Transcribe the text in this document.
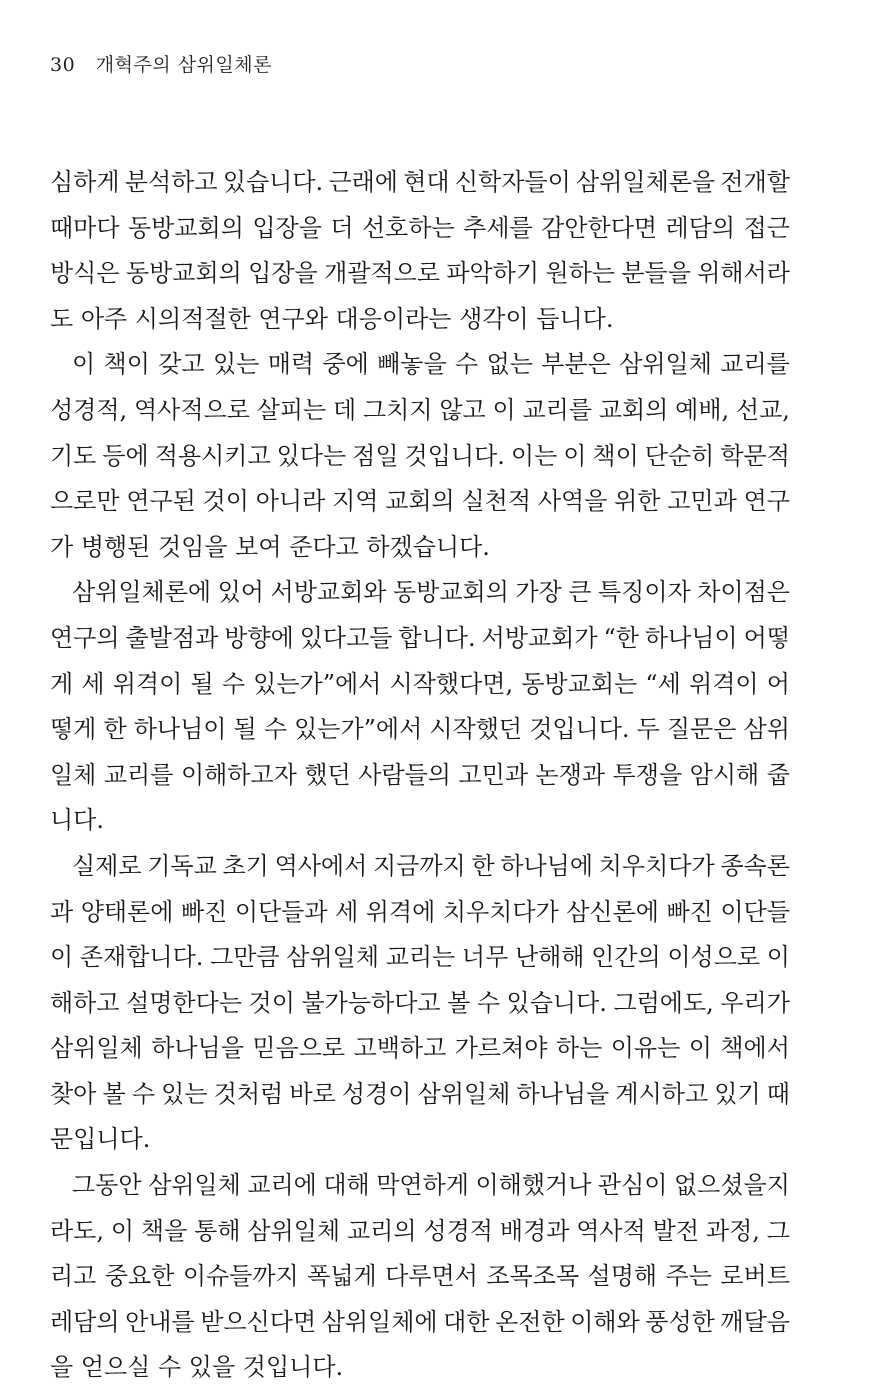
30 개혁주의 삼위일체론
심하게 분석하고 있습니다. 근래에 현대 신학자들이 삼위일체론을 전개할
때마다 동방교회의 입장을 더 선호하는 추세를 감안한다면 레담의 접근
방식은 동방교회의 입장을 개괄적으로 파악하기 원하는 분들을 위해서라
도 아주 시의적절한 연구와 대응이라는 생각이 듭니다.
이 책이 갖고 있는 매력 중에 빼놓을 수 없는 부분은 삼위일체 교리를
성경적, 역사적으로 살피는 데 그치지 않고 이 교리를 교회의 예배, 선교,
기도 등에 적용시키고 있다는 점일 것입니다. 이는 이 책이 단순히 학문적
으로만 연구된 것이 아니라 지역 교회의 실천적 사역을 위한 고민과 연구
가 병행된 것임을 보여 준다고 하겠습니다.
삼위일체론에 있어 서방교회와 동방교회의 가장 큰 특징이자 차이점은
연구의 출발점과 방향에 있다고들 합니다. 서방교회가 “한 하나님이 어떻
게 세 위격이 될 수 있는가”에서 시작했다면, 동방교회는 “세 위격이 어
떻게 한 하나님이 될 수 있는가”에서 시작했던 것입니다. 두 질문은 삼위
일체 교리를 이해하고자 했던 사람들의 고민과 논쟁과 투쟁을 암시해 줍
니다.
실제로 기독교 초기 역사에서 지금까지 한 하나님에 치우치다가 종속론
과 양태론에 빠진 이단들과 세 위격에 치우치다가 삼신론에 빠진 이단들
이 존재합니다. 그만큼 삼위일체 교리는 너무 난해해 인간의 이성으로 이
해하고 설명한다는 것이 불가능하다고 볼 수 있습니다. 그럼에도, 우리가
삼위일체 하나님을 믿음으로 고백하고 가르쳐야 하는 이유는 이 책에서
찾아 볼 수 있는 것처럼 바로 성경이 삼위일체 하나님을 계시하고 있기 때
문입니다.
그동안 삼위일체 교리에 대해 막연하게 이해했거나 관심이 없으셨을지
라도, 이 책을 통해 삼위일체 교리의 성경적 배경과 역사적 발전 과정, 그
리고 중요한 이슈들까지 폭넓게 다루면서 조목조목 설명해 주는 로버트
레담의 안내를 받으신다면 삼위일체에 대한 온전한 이해와 풍성한 깨달음
을 얻으실 수 있을 것입니다.
